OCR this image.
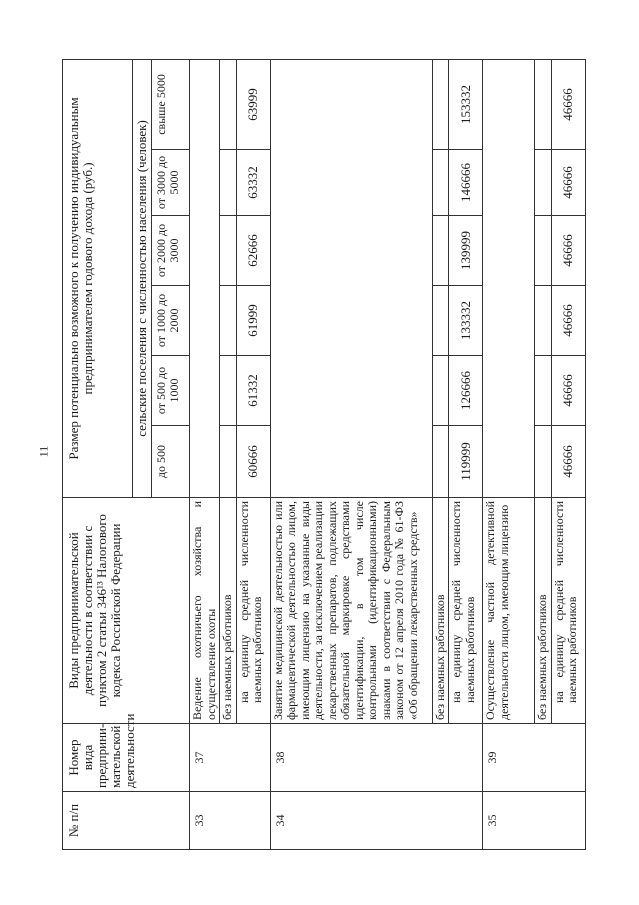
11
№ п/п	Номер вида предприни-мательской деятельности	Виды предпринимательской деятельности в соответствии с пунктом 2 статьи 346¹³ Налогового кодекса Российской Федерации	Размер потенциально возможного к получению индивидуальным предпринимателем годового дохода (руб.)					
			сельские поселения с численностью населения (человек)					
			до 500	от 500 до 1000	от 1000 до 2000	от 2000 до 3000	от 3000 до 5000	свыше 5000
33	37	Ведение охотничьего хозяйства и осуществление охоты						
		без наемных работников						
		на единицу средней численности наемных работников	60666	61332	61999	62666	63332	63999
34	38	Занятие медицинской деятельностью или фармацевтической деятельностью лицом, имеющим лицензию на указанные виды деятельности, за исключением реализации лекарственных препаратов, подлежащих обязательной маркировке средствами идентификации, в том числе контрольными (идентификационными) знаками в соответствии с Федеральным законом от 12 апреля 2010 года № 61-ФЗ «Об обращении лекарственных средств»						
		без наемных работников						
		на единицу средней численности наемных работников	119999	126666	133332	139999	146666	153332
35	39	Осуществление частной детективной деятельности лицом, имеющим лицензию						
		без наемных работников						
		на единицу средней численности наемных работников	46666	46666	46666	46666	46666	46666
